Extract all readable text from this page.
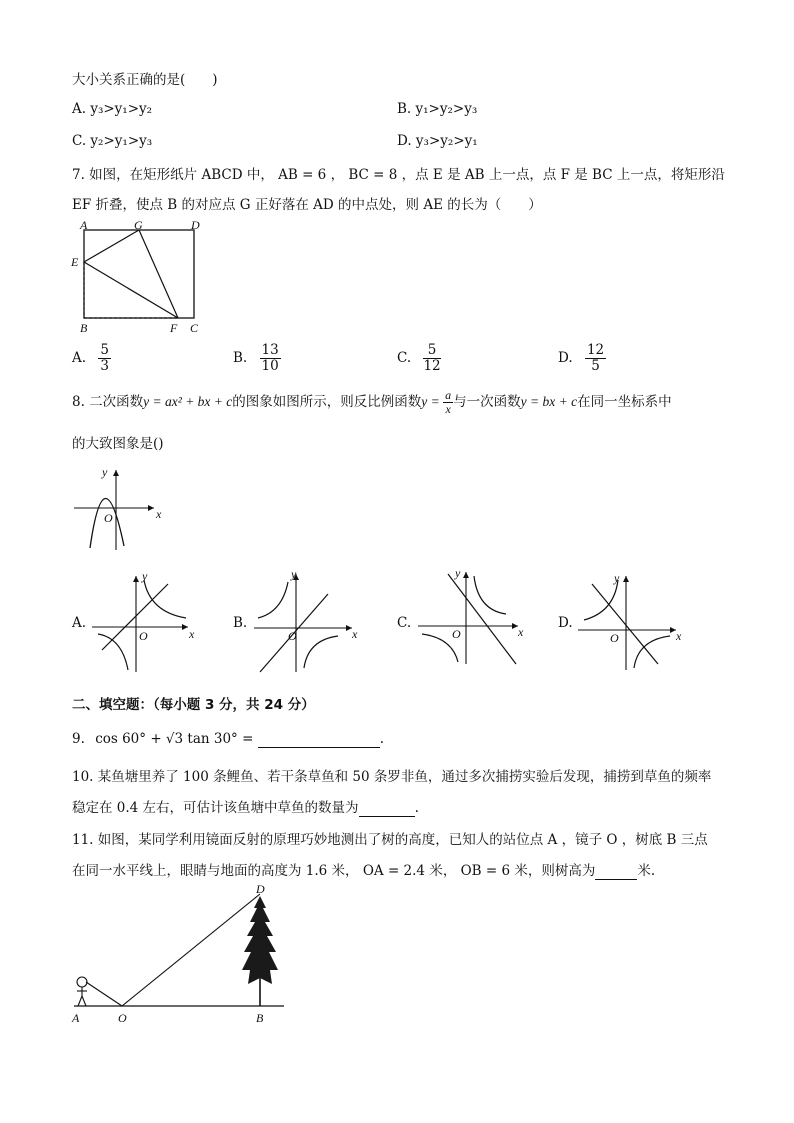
大小关系正确的是(　　)
A. y₃>y₁>y₂	B. y₁>y₂>y₃
C. y₂>y₁>y₃	D. y₃>y₂>y₁
7. 如图，在矩形纸片 ABCD 中， AB = 6 ， BC = 8 ，点 E 是 AB 上一点，点 F 是 BC 上一点，将矩形沿
EF 折叠，使点 B 的对应点 G 正好落在 AD 的中点处，则 AE 的长为（　　）
A	G	D
E
B	F C
A. $\frac{5}{3}$	B. $\frac{13}{10}$	C. $\frac{5}{12}$	D. $\frac{12}{5}$
8. 二次函数y = ax² + bx + c的图象如图所示，则反比例函数$y = \frac{a}{x}$ 与一次函数y = bx + c在同一坐标系中
的大致图象是()
x
y
O
A.
x
y
O
B.
x
y
O
C.
x
y
O
D.
x
y
O
二、填空题：（每小题 3 分，共 24 分）
9. cos 60° + √3 tan 30° =	.
10. 某鱼塘里养了 100 条鲤鱼、若干条草鱼和 50 条罗非鱼，通过多次捕捞实验后发现，捕捞到草鱼的频率
稳定在 0.4 左右，可估计该鱼塘中草鱼的数量为	.
11. 如图，某同学利用镜面反射的原理巧妙地测出了树的高度，已知人的站位点 A ，镜子 O ，树底 B 三点
在同一水平线上，眼睛与地面的高度为 1.6 米， OA = 2.4 米， OB = 6 米，则树高为	米.
A	O	B
D
